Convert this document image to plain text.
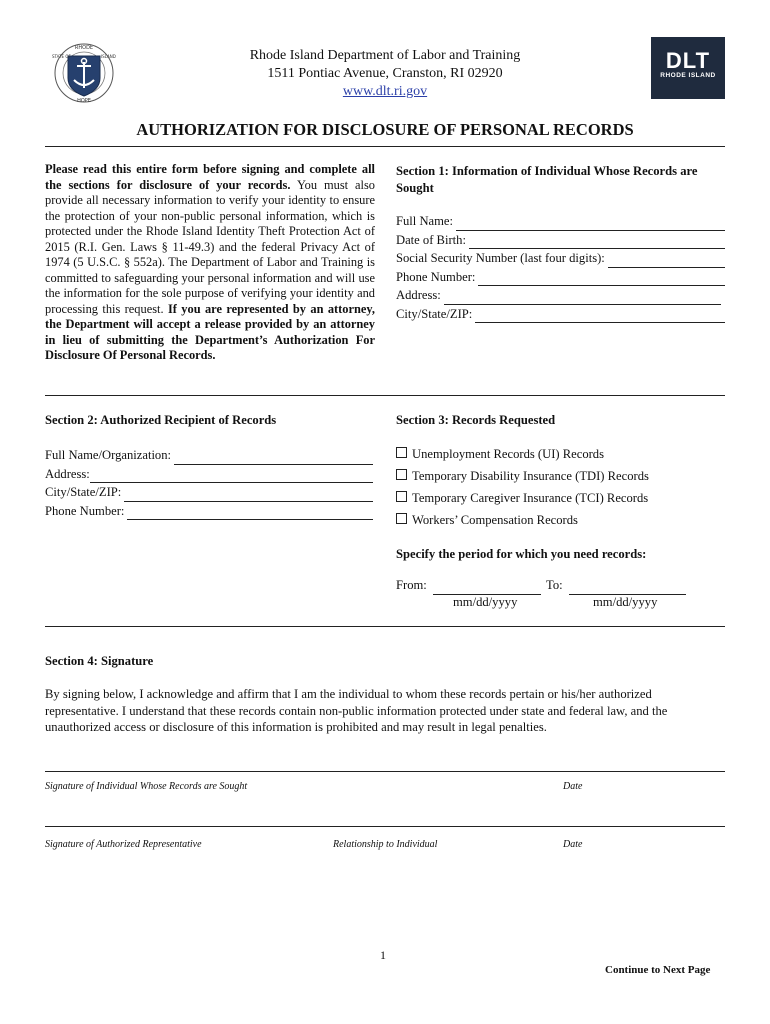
RHODE
STATE OF	ISLAND
HOPE
DLT
RHODE ISLAND
Rhode Island Department of Labor and Training
1511 Pontiac Avenue, Cranston, RI 02920
www.dlt.ri.gov
AUTHORIZATION FOR DISCLOSURE OF PERSONAL RECORDS
Please read this entire form before signing and complete all the sections for disclosure of your records. You must also provide all necessary information to verify your identity to ensure the protection of your non-public personal information, which is protected under the Rhode Island Identity Theft Protection Act of 2015 (R.I. Gen. Laws § 11-49.3) and the federal Privacy Act of 1974 (5 U.S.C. § 552a). The Department of Labor and Training is committed to safeguarding your personal information and will use the information for the sole purpose of verifying your identity and processing this request. If you are represented by an attorney, the Department will accept a release provided by an attorney in lieu of submitting the Department’s Authorization For Disclosure Of Personal Records.
Section 1: Information of Individual Whose Records are Sought
Full Name:
Date of Birth:
Social Security Number (last four digits):
Phone Number:
Address:
City/State/ZIP:
Section 2: Authorized Recipient of Records
Full Name/Organization:
Address:
City/State/ZIP:
Phone Number:
Section 3: Records Requested
Unemployment Records (UI) Records
Temporary Disability Insurance (TDI) Records
Temporary Caregiver Insurance (TCI) Records
Workers’ Compensation Records
Specify the period for which you need records:
From:	To:
mm/dd/yyyy	mm/dd/yyyy
Section 4: Signature
By signing below, I acknowledge and affirm that I am the individual to whom these records pertain or his/her authorized representative. I understand that these records contain non-public information protected under state and federal law, and the unauthorized access or disclosure of this information is prohibited and may result in legal penalties.
Signature of Individual Whose Records are Sought	Date
Signature of Authorized Representative	Relationship to Individual	Date
1
Continue to Next Page
